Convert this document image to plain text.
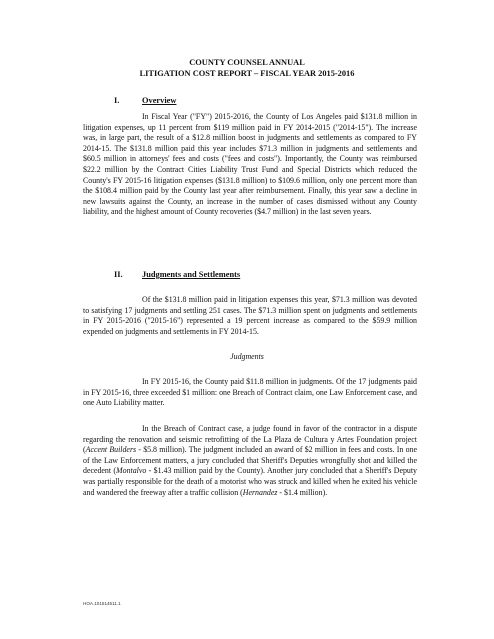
COUNTY COUNSEL ANNUAL
LITIGATION COST REPORT – FISCAL YEAR 2015-2016
I.	Overview

In Fiscal Year ("FY") 2015-2016, the County of Los Angeles paid $131.8 million in litigation expenses, up 11 percent from $119 million paid in FY 2014-2015 ("2014-15"). The increase was, in large part, the result of a $12.8 million boost in judgments and settlements as compared to FY 2014-15. The $131.8 million paid this year includes $71.3 million in judgments and settlements and $60.5 million in attorneys' fees and costs ("fees and costs"). Importantly, the County was reimbursed $22.2 million by the Contract Cities Liability Trust Fund and Special Districts which reduced the County's FY 2015-16 litigation expenses ($131.8 million) to $109.6 million, only one percent more than the $108.4 million paid by the County last year after reimbursement. Finally, this year saw a decline in new lawsuits against the County, an increase in the number of cases dismissed without any County liability, and the highest amount of County recoveries ($4.7 million) in the last seven years.

II. Judgments and Settlements

Of the $131.8 million paid in litigation expenses this year, $71.3 million was devoted to satisfying 17 judgments and settling 251 cases. The $71.3 million spent on judgments and settlements in FY 2015-2016 ("2015-16") represented a 19 percent increase as compared to the $59.9 million expended on judgments and settlements in FY 2014-15.

Judgments

In FY 2015-16, the County paid $11.8 million in judgments. Of the 17 judgments paid in FY 2015-16, three exceeded $1 million: one Breach of Contract claim, one Law Enforcement case, and one Auto Liability matter.

In the Breach of Contract case, a judge found in favor of the contractor in a dispute regarding the renovation and seismic retrofitting of the La Plaza de Cultura y Artes Foundation project (Accent Builders - $5.8 million). The judgment included an award of $2 million in fees and costs. In one of the Law Enforcement matters, a jury concluded that Sheriff's Deputies wrongfully shot and killed the decedent (Montalvo - $1.43 million paid by the County). Another jury concluded that a Sheriff's Deputy was partially responsible for the death of a motorist who was struck and killed when he exited his vehicle and wandered the freeway after a traffic collision (Hernandez - $1.4 million).

HOA.101514511.1
